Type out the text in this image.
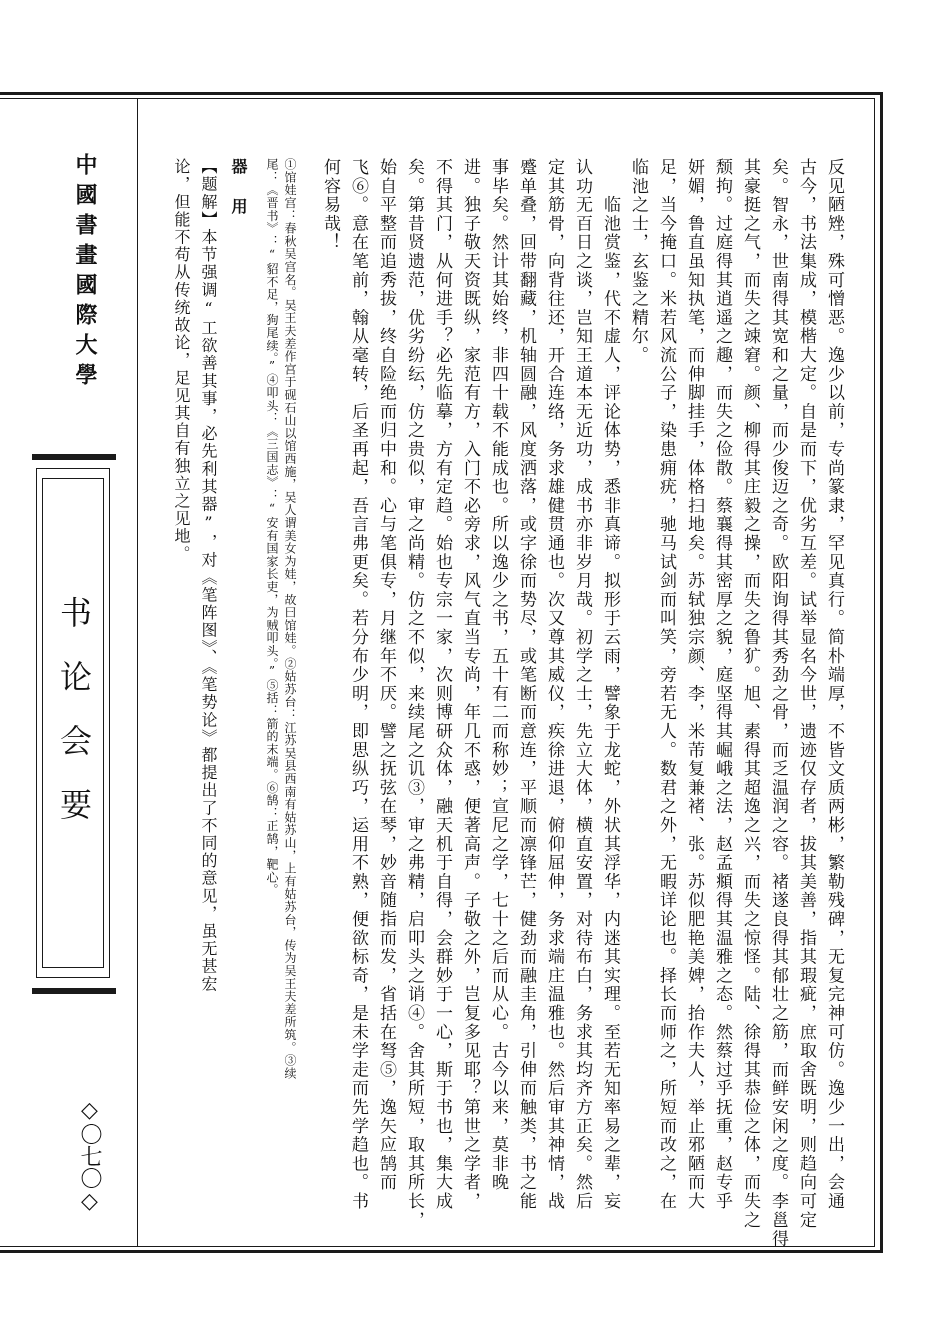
中國書畫國際大學
书论会要
◇〇七〇◇	反见陋矬，殊可憎恶。逸少以前，专尚篆隶，罕见真行。简朴端厚，不皆文质两彬，繁勒残碑，无复完神可仿。逸少一出，会通
古今，书法集成，模楷大定。自是而下，优劣互差。试举显名今世，遗迹仅存者，拔其美善，指其瑕疵，庶取舍既明，则趋向可定
矣。智永，世南得其宽和之量，而少俊迈之奇。欧阳询得其秀劲之骨，而乏温润之容。褚遂良得其郁壮之筋，而鲜安闲之度。李邕得
其豪挺之气，而失之竦窘。颜、柳得其庄毅之操，而失之鲁犷。旭、素得其超逸之兴，而失之惊怪。陆、徐得其恭俭之体，而失之
颓拘。过庭得其逍遥之趣，而失之俭散。蔡襄得其密厚之貌，庭坚得其崛峨之法，赵孟頫得其温雅之态。然蔡过乎抚重，赵专乎
妍媚，鲁直虽知执笔，而伸脚挂手，体格扫地矣。苏轼独宗颜、李，米芾复兼褚、张。苏似肥艳美婢，抬作夫人，举止邪陋而大
足，当今掩口。米若风流公子，染患痈疣，驰马试剑而叫笑，旁若无人。数君之外，无暇详论也。择长而师之，所短而改之，在
临池之士，玄鉴之精尔。
　　临池赏鉴，代不虚人，评论体势，悉非真谛。拟形于云雨，譬象于龙蛇，外状其浮华，内迷其实理。至若无知率易之辈，妄
认功无百日之谈，岂知王道本无近功，成书亦非岁月哉。初学之士，先立大体，横直安置，对待布白，务求其均齐方正矣。然后
定其筋骨，向背往还，开合连络，务求雄健贯通也。次又尊其威仪，疾徐进退，俯仰屈伸，务求端庄温雅也。然后审其神情，战
蹙单叠，回带翻藏，机轴圆融，风度洒落，或字徐而势尽，或笔断而意连，平顺而凛锋芒，健劲而融圭角，引伸而触类，书之能
事毕矣。然计其始终，非四十载不能成也。所以逸少之书，五十有二而称妙；宣尼之学，七十之后而从心。古今以来，莫非晚
进。独子敬天资既纵，家范有方，入门不必旁求，风气直当专尚，年几不惑，便著高声。子敬之外，岂复多见耶？第世之学者，
不得其门，从何进手？必先临摹，方有定趋。始也专宗一家，次则博研众体，融天机于自得，会群妙于一心，斯于书也，集大成
矣。第昔贤遗范，优劣纷纭，仿之贵似，审之尚精。仿之不似，来续尾之讥③，审之弗精，启叩头之诮④。舍其所短，取其所长，
始自平整而追秀拔，终自险绝而归中和。心与笔俱专，月继年不厌。譬之抚弦在琴，妙音随指而发，省括在弩⑤，逸矢应鹄而
飞⑥。意在笔前，翰从毫转，后圣再起，吾言弗更矣。若分布少明，即思纵巧，运用不熟，便欲标奇，是未学走而先学趋也。书
何容易哉！
①馆娃宫：春秋吴宫名。吴王夫差作宫于砚石山以馆西施，吴人谓美女为娃，故曰馆娃。②姑苏台：江苏吴县西南有姑苏山，上有姑苏台，传为吴王夫差所筑。③续
尾：《晋书》：“貂不足，狗尾续。”④叩头：《三国志》：“安有国家长吏，为贼叩头。”⑤括：箭的末端。⑥鹄：正鹄，靶心。
器　用
【题解】本节强调“工欲善其事，必先利其器”，对《笔阵图》、《笔势论》都提出了不同的意见，虽无甚宏
论，但能不苟从传统故论，足见其自有独立之见地。
